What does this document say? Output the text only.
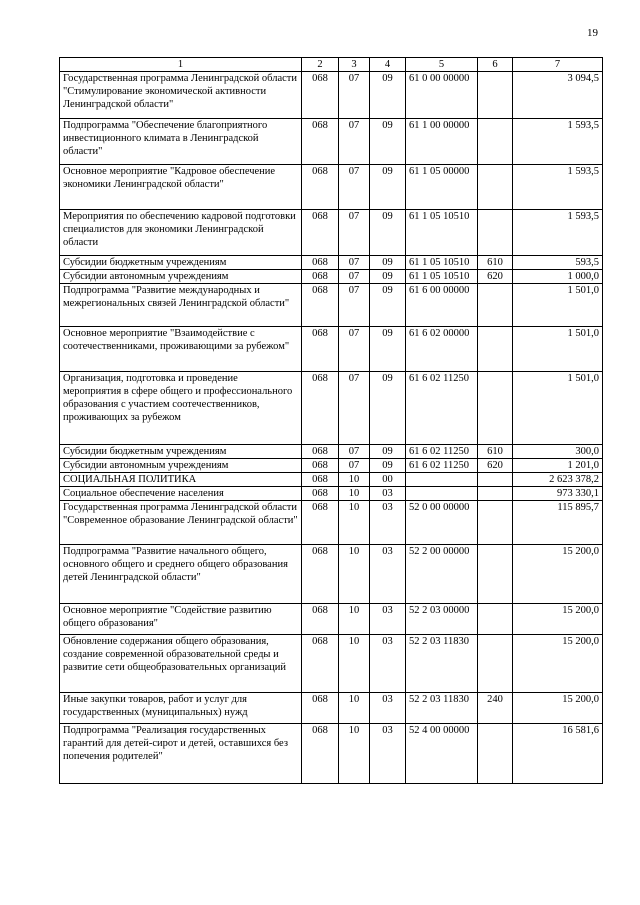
19
1	2	3	4	5	6	7
Государственная программа Ленинградской области "Стимулирование экономической активности Ленинградской области"	068	07	09	61 0 00 00000		3 094,5
Подпрограмма "Обеспечение благоприятного инвестиционного климата в Ленинградской области"	068	07	09	61 1 00 00000		1 593,5
Основное мероприятие "Кадровое обеспечение экономики Ленинградской области"	068	07	09	61 1 05 00000		1 593,5
Мероприятия по обеспечению кадровой подготовки специалистов для экономики Ленинградской области	068	07	09	61 1 05 10510		1 593,5
Субсидии бюджетным учреждениям	068	07	09	61 1 05 10510	610	593,5
Субсидии автономным учреждениям	068	07	09	61 1 05 10510	620	1 000,0
Подпрограмма "Развитие международных и межрегиональных связей Ленинградской области"	068	07	09	61 6 00 00000		1 501,0
Основное мероприятие "Взаимодействие с соотечественниками, проживающими за рубежом"	068	07	09	61 6 02 00000		1 501,0
Организация, подготовка и проведение мероприятия в сфере общего и профессионального образования с участием соотечественников, проживающих за рубежом	068	07	09	61 6 02 11250		1 501,0
Субсидии бюджетным учреждениям	068	07	09	61 6 02 11250	610	300,0
Субсидии автономным учреждениям	068	07	09	61 6 02 11250	620	1 201,0
СОЦИАЛЬНАЯ ПОЛИТИКА	068	10	00			2 623 378,2
Социальное обеспечение населения	068	10	03			973 330,1
Государственная программа Ленинградской области "Современное образование Ленинградской области"	068	10	03	52 0 00 00000		115 895,7
Подпрограмма "Развитие начального общего, основного общего и среднего общего образования детей Ленинградской области"	068	10	03	52 2 00 00000		15 200,0
Основное мероприятие "Содействие развитию общего образования"	068	10	03	52 2 03 00000		15 200,0
Обновление содержания общего образования, создание современной образовательной среды и развитие сети общеобразовательных организаций	068	10	03	52 2 03 11830		15 200,0
Иные закупки товаров, работ и услуг для государственных (муниципальных) нужд	068	10	03	52 2 03 11830	240	15 200,0
Подпрограмма "Реализация государственных гарантий для детей-сирот и детей, оставшихся без попечения родителей"	068	10	03	52 4 00 00000		16 581,6
